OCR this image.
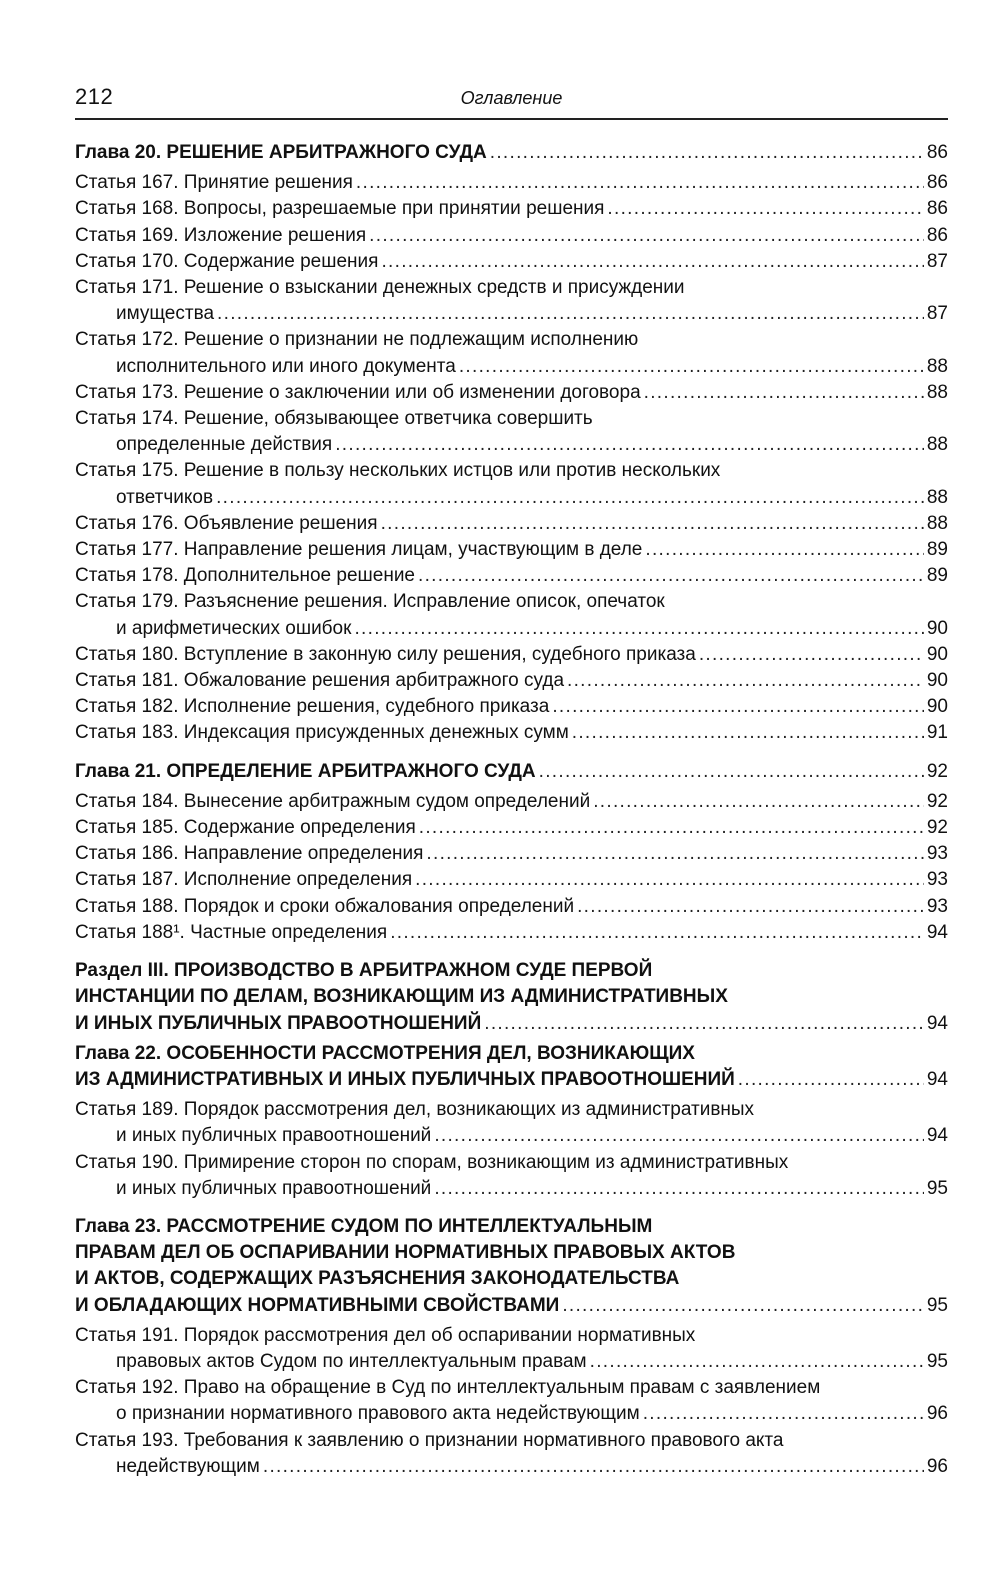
212	Оглавление
Глава 20. РЕШЕНИЕ АРБИТРАЖНОГО СУДА .....	86
Статья 167. Принятие решения .....	86
Статья 168. Вопросы, разрешаемые при принятии решения .....	86
Статья 169. Изложение решения .....	86
Статья 170. Содержание решения .....	87
Статья 171. Решение о взыскании денежных средств и присуждении
имущества .....	87
Статья 172. Решение о признании не подлежащим исполнению
исполнительного или иного документа .....	88
Статья 173. Решение о заключении или об изменении договора .....	88
Статья 174. Решение, обязывающее ответчика совершить
определенные действия .....	88
Статья 175. Решение в пользу нескольких истцов или против нескольких
ответчиков .....	88
Статья 176. Объявление решения .....	88
Статья 177. Направление решения лицам, участвующим в деле .....	89
Статья 178. Дополнительное решение .....	89
Статья 179. Разъяснение решения. Исправление описок, опечаток
и арифметических ошибок .....	90
Статья 180. Вступление в законную силу решения, судебного приказа .....	90
Статья 181. Обжалование решения арбитражного суда .....	90
Статья 182. Исполнение решения, судебного приказа .....	90
Статья 183. Индексация присужденных денежных сумм .....	91
Глава 21. ОПРЕДЕЛЕНИЕ АРБИТРАЖНОГО СУДА .....	92
Статья 184. Вынесение арбитражным судом определений .....	92
Статья 185. Содержание определения .....	92
Статья 186. Направление определения .....	93
Статья 187. Исполнение определения .....	93
Статья 188. Порядок и сроки обжалования определений .....	93
Статья 188¹. Частные определения .....	94
Раздел III. ПРОИЗВОДСТВО В АРБИТРАЖНОМ СУДЕ ПЕРВОЙ
ИНСТАНЦИИ ПО ДЕЛАМ, ВОЗНИКАЮЩИМ ИЗ АДМИНИСТРАТИВНЫХ
И ИНЫХ ПУБЛИЧНЫХ ПРАВООТНОШЕНИЙ .....	94
Глава 22. ОСОБЕННОСТИ РАССМОТРЕНИЯ ДЕЛ, ВОЗНИКАЮЩИХ
ИЗ АДМИНИСТРАТИВНЫХ И ИНЫХ ПУБЛИЧНЫХ ПРАВООТНОШЕНИЙ .....	94
Статья 189. Порядок рассмотрения дел, возникающих из административных
и иных публичных правоотношений .....	94
Статья 190. Примирение сторон по спорам, возникающим из административных
и иных публичных правоотношений .....	95
Глава 23. РАССМОТРЕНИЕ СУДОМ ПО ИНТЕЛЛЕКТУАЛЬНЫМ
ПРАВАМ ДЕЛ ОБ ОСПАРИВАНИИ НОРМАТИВНЫХ ПРАВОВЫХ АКТОВ
И АКТОВ, СОДЕРЖАЩИХ РАЗЪЯСНЕНИЯ ЗАКОНОДАТЕЛЬСТВА
И ОБЛАДАЮЩИХ НОРМАТИВНЫМИ СВОЙСТВАМИ .....	95
Статья 191. Порядок рассмотрения дел об оспаривании нормативных
правовых актов Судом по интеллектуальным правам .....	95
Статья 192. Право на обращение в Суд по интеллектуальным правам с заявлением
о признании нормативного правового акта недействующим .....	96
Статья 193. Требования к заявлению о признании нормативного правового акта
недействующим .....	96
